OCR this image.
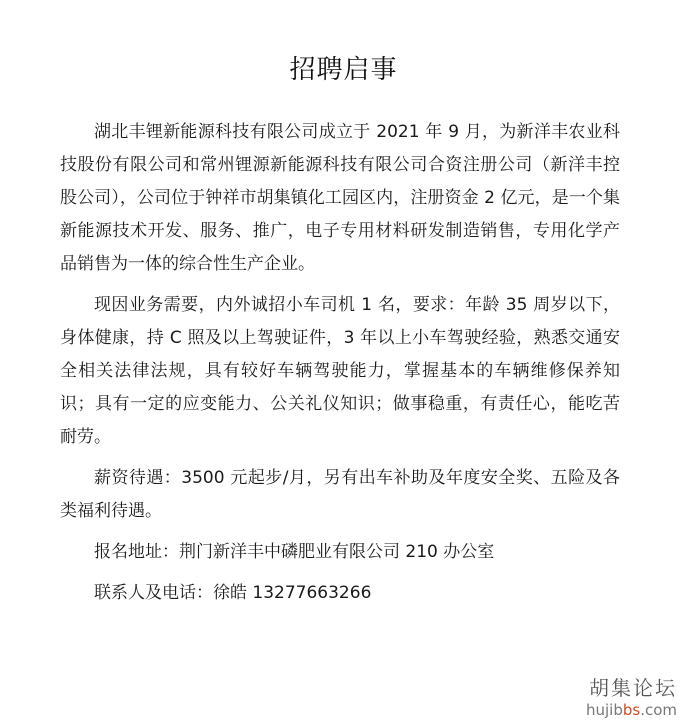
招聘启事

湖北丰锂新能源科技有限公司成立于 2021 年 9 月，为新洋丰农业科技股份有限公司和常州锂源新能源科技有限公司合资注册公司（新洋丰控股公司），公司位于钟祥市胡集镇化工园区内，注册资金 2 亿元，是一个集新能源技术开发、服务、推广，电子专用材料研发制造销售，专用化学产品销售为一体的综合性生产企业。

现因业务需要，内外诚招小车司机 1 名，要求：年龄 35 周岁以下，身体健康，持 C 照及以上驾驶证件，3 年以上小车驾驶经验，熟悉交通安全相关法律法规，具有较好车辆驾驶能力，掌握基本的车辆维修保养知识；具有一定的应变能力、公关礼仪知识；做事稳重，有责任心，能吃苦耐劳。

薪资待遇：3500 元起步/月，另有出车补助及年度安全奖、五险及各类福利待遇。

报名地址：荆门新洋丰中磷肥业有限公司 210 办公室

联系人及电话：徐皓 13277663266

胡集论坛
hujibbs.com
